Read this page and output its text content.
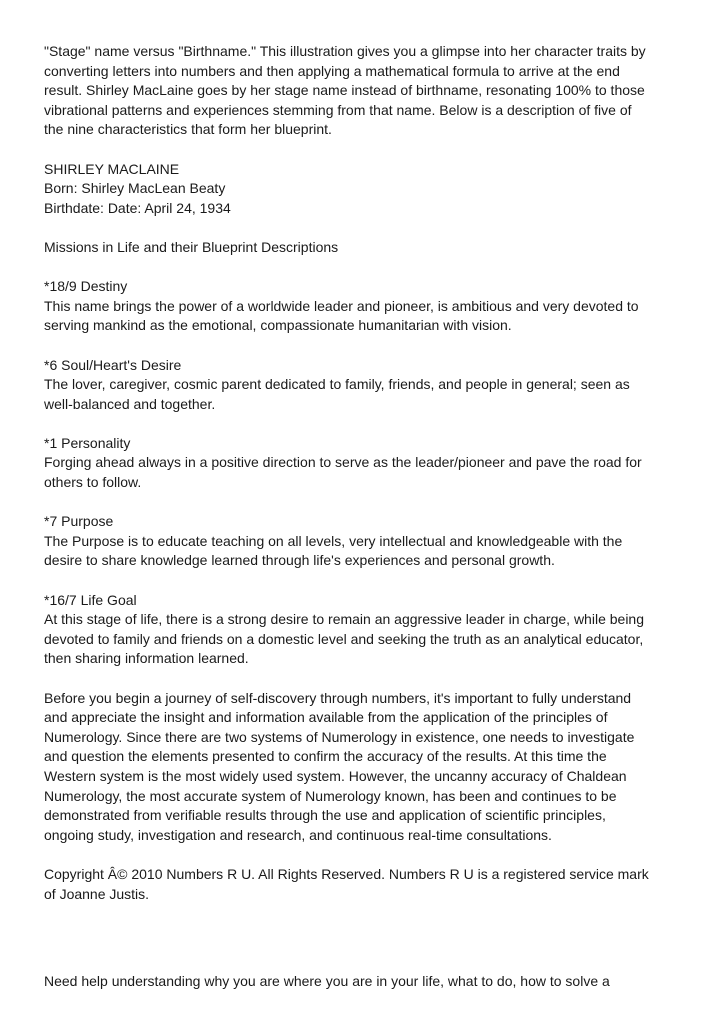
"Stage" name versus "Birthname." This illustration gives you a glimpse into her character traits by
converting letters into numbers and then applying a mathematical formula to arrive at the end
result. Shirley MacLaine goes by her stage name instead of birthname, resonating 100% to those
vibrational patterns and experiences stemming from that name. Below is a description of five of
the nine characteristics that form her blueprint.

SHIRLEY MACLAINE
Born: Shirley MacLean Beaty
Birthdate: Date: April 24, 1934

Missions in Life and their Blueprint Descriptions

*18/9 Destiny
This name brings the power of a worldwide leader and pioneer, is ambitious and very devoted to
serving mankind as the emotional, compassionate humanitarian with vision.

*6 Soul/Heart's Desire
The lover, caregiver, cosmic parent dedicated to family, friends, and people in general; seen as
well-balanced and together.

*1 Personality
Forging ahead always in a positive direction to serve as the leader/pioneer and pave the road for
others to follow.

*7 Purpose
The Purpose is to educate teaching on all levels, very intellectual and knowledgeable with the
desire to share knowledge learned through life's experiences and personal growth.

*16/7 Life Goal
At this stage of life, there is a strong desire to remain an aggressive leader in charge, while being
devoted to family and friends on a domestic level and seeking the truth as an analytical educator,
then sharing information learned.

Before you begin a journey of self-discovery through numbers, it's important to fully understand
and appreciate the insight and information available from the application of the principles of
Numerology. Since there are two systems of Numerology in existence, one needs to investigate
and question the elements presented to confirm the accuracy of the results. At this time the
Western system is the most widely used system. However, the uncanny accuracy of Chaldean
Numerology, the most accurate system of Numerology known, has been and continues to be
demonstrated from verifiable results through the use and application of scientific principles,
ongoing study, investigation and research, and continuous real-time consultations.

Copyright Â© 2010 Numbers R U. All Rights Reserved. Numbers R U is a registered service mark
of Joanne Justis.

Need help understanding why you are where you are in your life, what to do, how to solve a
